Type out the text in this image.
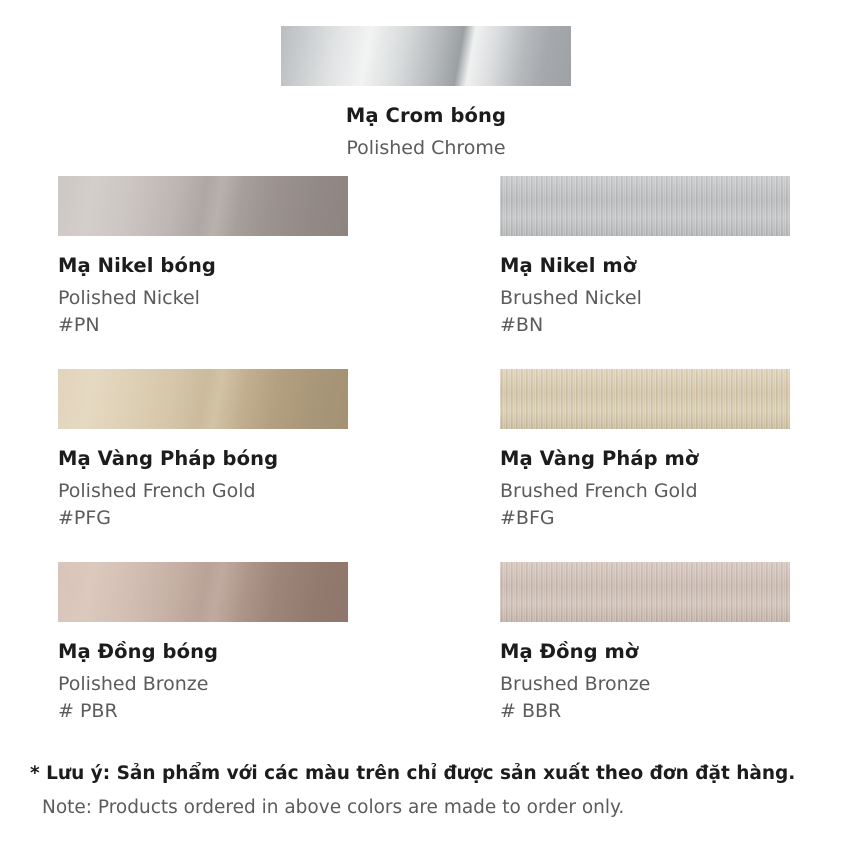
Mạ Crom bóng
Polished Chrome
Mạ Nikel bóng
Polished Nickel
#PN
Mạ Nikel mờ
Brushed Nickel
#BN
Mạ Vàng Pháp bóng
Polished French Gold
#PFG
Mạ Vàng Pháp mờ
Brushed French Gold
#BFG
Mạ Đồng bóng
Polished Bronze
# PBR
Mạ Đồng mờ
Brushed Bronze
# BBR
* Lưu ý: Sản phẩm với các màu trên chỉ được sản xuất theo đơn đặt hàng.
Note: Products ordered in above colors are made to order only.
